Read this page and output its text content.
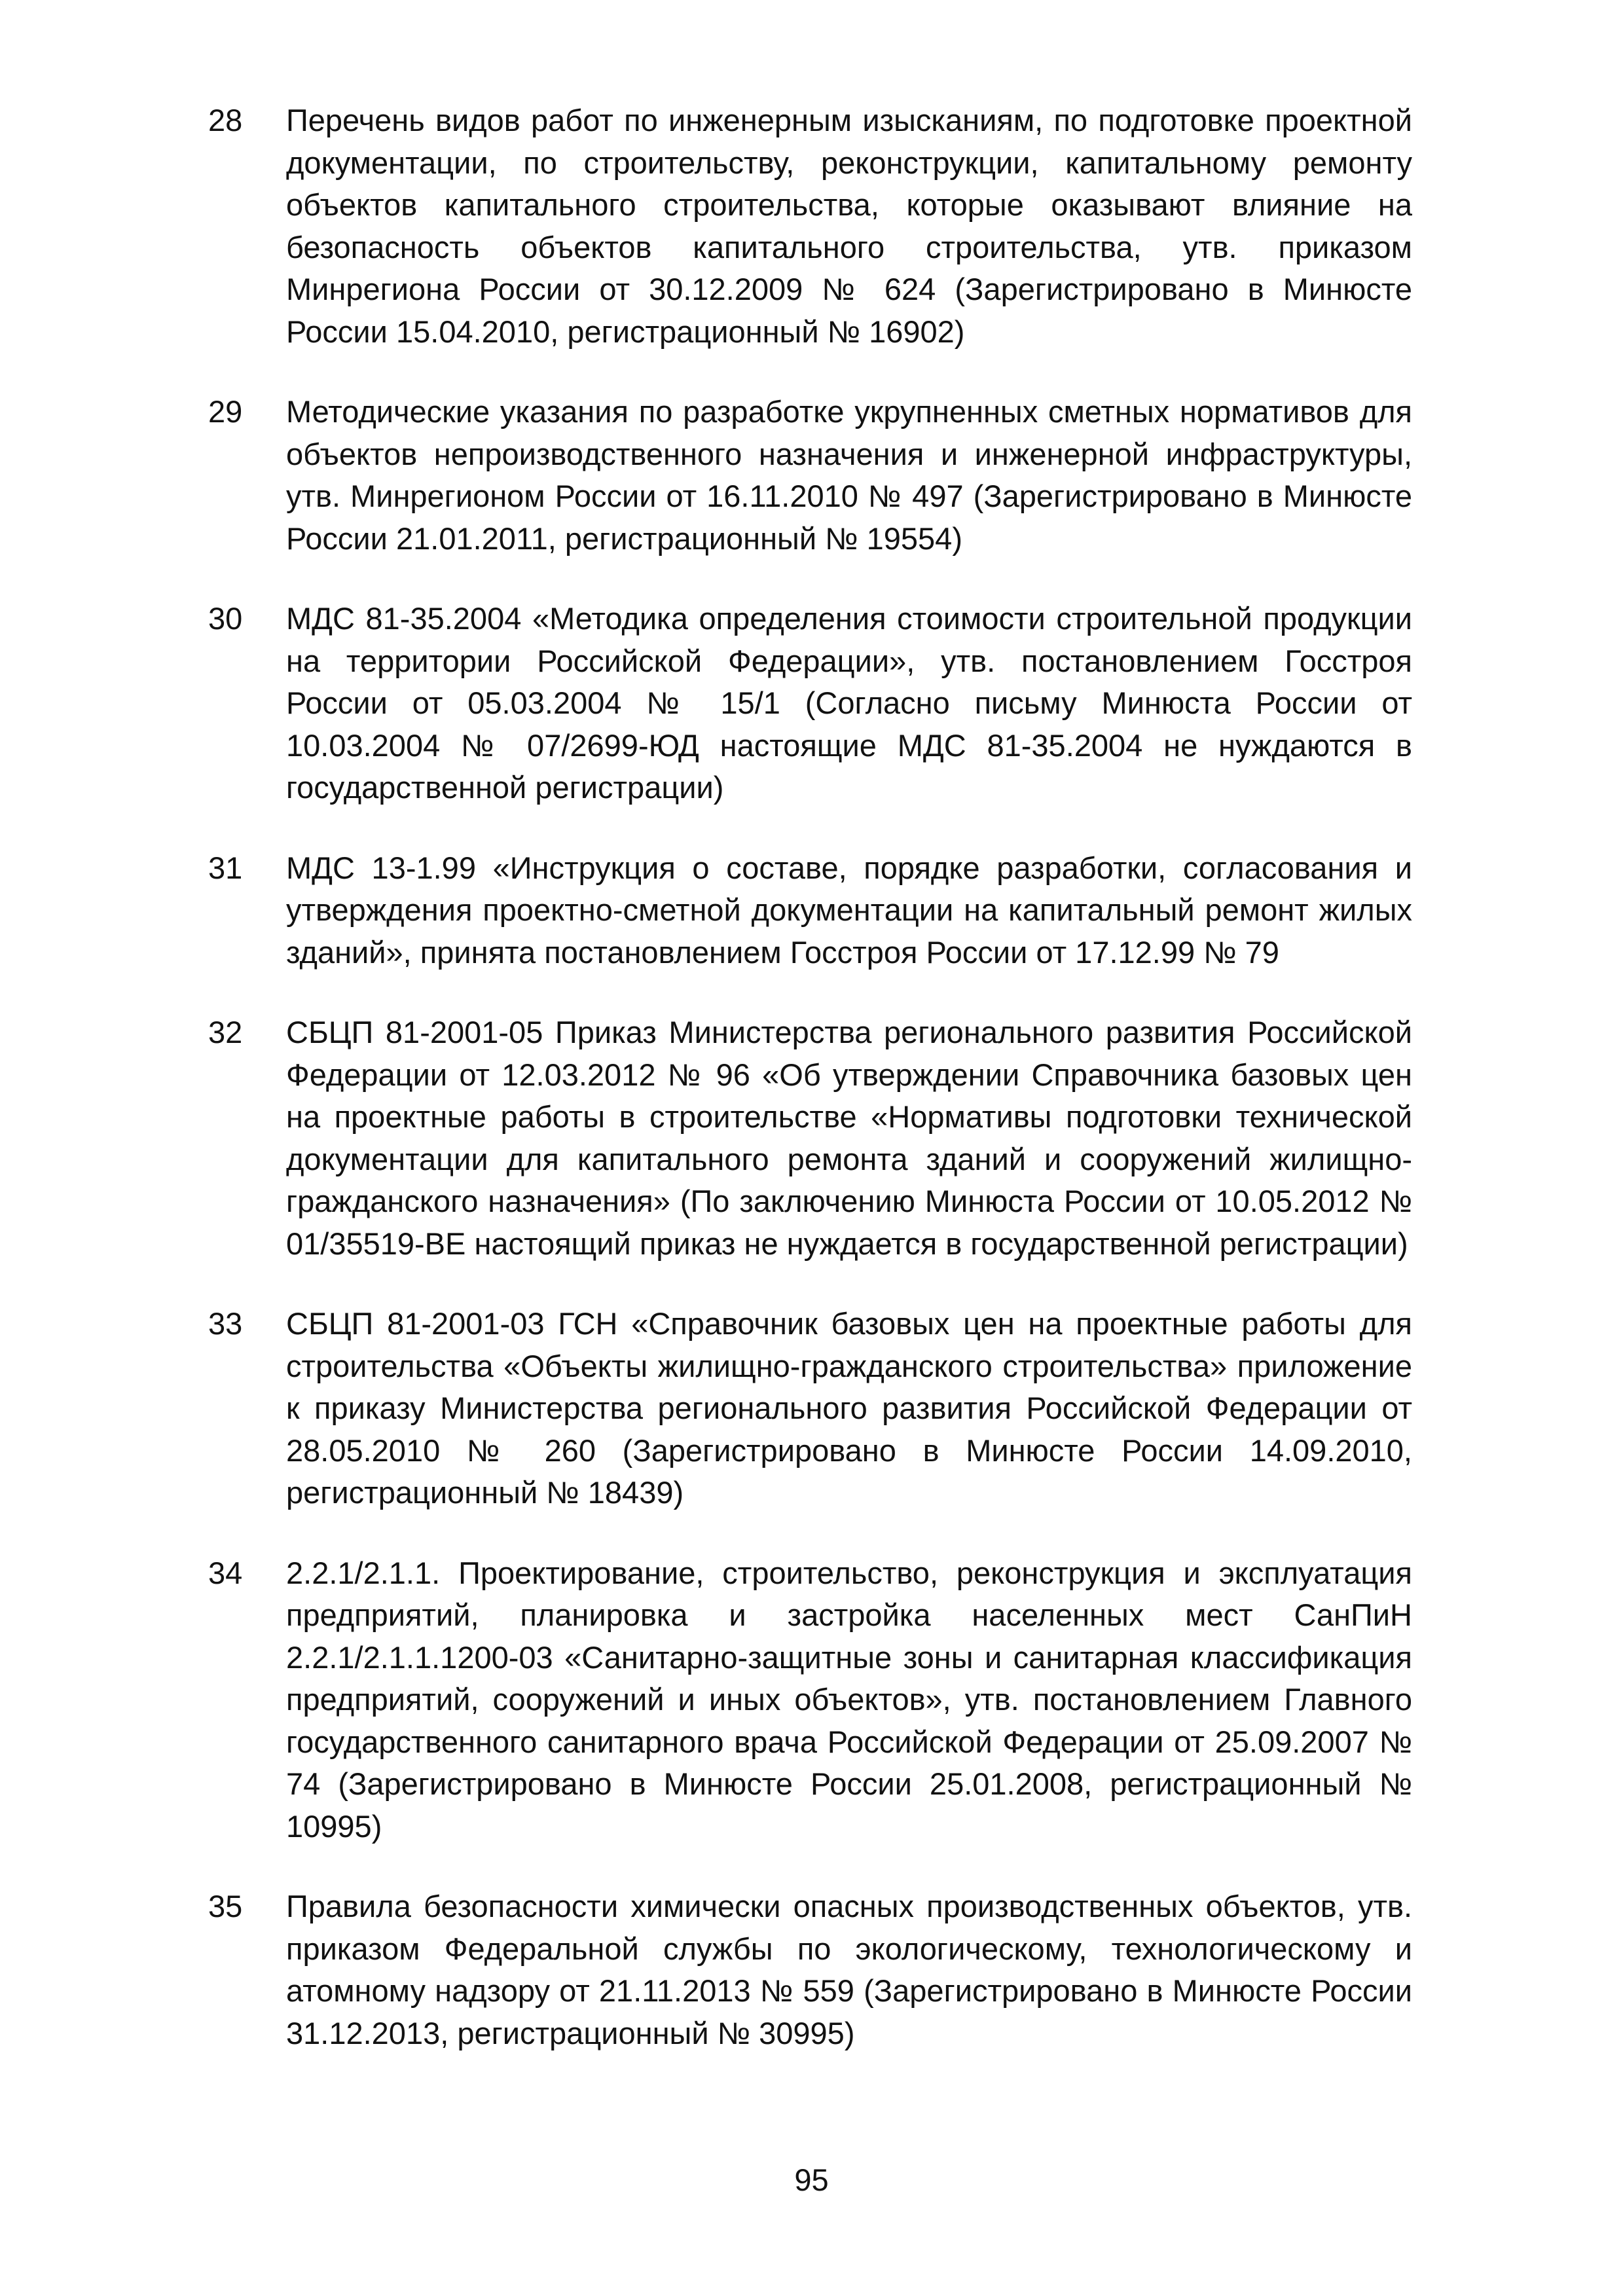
28 Перечень видов работ по инженерным изысканиям, по подготовке проектной документации, по строительству, реконструкции, капитальному ремонту объектов капитального строительства, которые оказывают влияние на безопасность объектов капитального строительства, утв. приказом Минрегиона России от 30.12.2009 № 624 (Зарегистрировано в Минюсте России 15.04.2010, регистрационный № 16902)
29 Методические указания по разработке укрупненных сметных нормативов для объектов непроизводственного назначения и инженерной инфраструктуры, утв. Минрегионом России от 16.11.2010 № 497 (Зарегистрировано в Минюсте России 21.01.2011, регистрационный № 19554)
30 МДС 81-35.2004 «Методика определения стоимости строительной продукции на территории Российской Федерации», утв. постановлением Госстроя России от 05.03.2004 № 15/1 (Согласно письму Минюста России от 10.03.2004 № 07/2699-ЮД настоящие МДС 81-35.2004 не нуждаются в государственной регистрации)
31 МДС 13-1.99 «Инструкция о составе, порядке разработки, согласования и утверждения проектно-сметной документации на капитальный ремонт жилых зданий», принята постановлением Госстроя России от 17.12.99 № 79
32 СБЦП 81-2001-05 Приказ Министерства регионального развития Российской Федерации от 12.03.2012 № 96 «Об утверждении Справочника базовых цен на проектные работы в строительстве «Нормативы подготовки технической документации для капитального ремонта зданий и сооружений жилищно-гражданского назначения» (По заключению Минюста России от 10.05.2012 № 01/35519-ВЕ настоящий приказ не нуждается в государственной регистрации)
33 СБЦП 81-2001-03 ГСН «Справочник базовых цен на проектные работы для строительства «Объекты жилищно-гражданского строительства» приложение к приказу Министерства регионального развития Российской Федерации от 28.05.2010 № 260 (Зарегистрировано в Минюсте России 14.09.2010, регистрационный № 18439)
34 2.2.1/2.1.1. Проектирование, строительство, реконструкция и эксплуатация предприятий, планировка и застройка населенных мест СанПиН 2.2.1/2.1.1.1200-03 «Санитарно-защитные зоны и санитарная классификация предприятий, сооружений и иных объектов», утв. постановлением Главного государственного санитарного врача Российской Федерации от 25.09.2007 № 74 (Зарегистрировано в Минюсте России 25.01.2008, регистрационный № 10995)
35 Правила безопасности химически опасных производственных объектов, утв. приказом Федеральной службы по экологическому, технологическому и атомному надзору от 21.11.2013 № 559 (Зарегистрировано в Минюсте России 31.12.2013, регистрационный № 30995)
95
